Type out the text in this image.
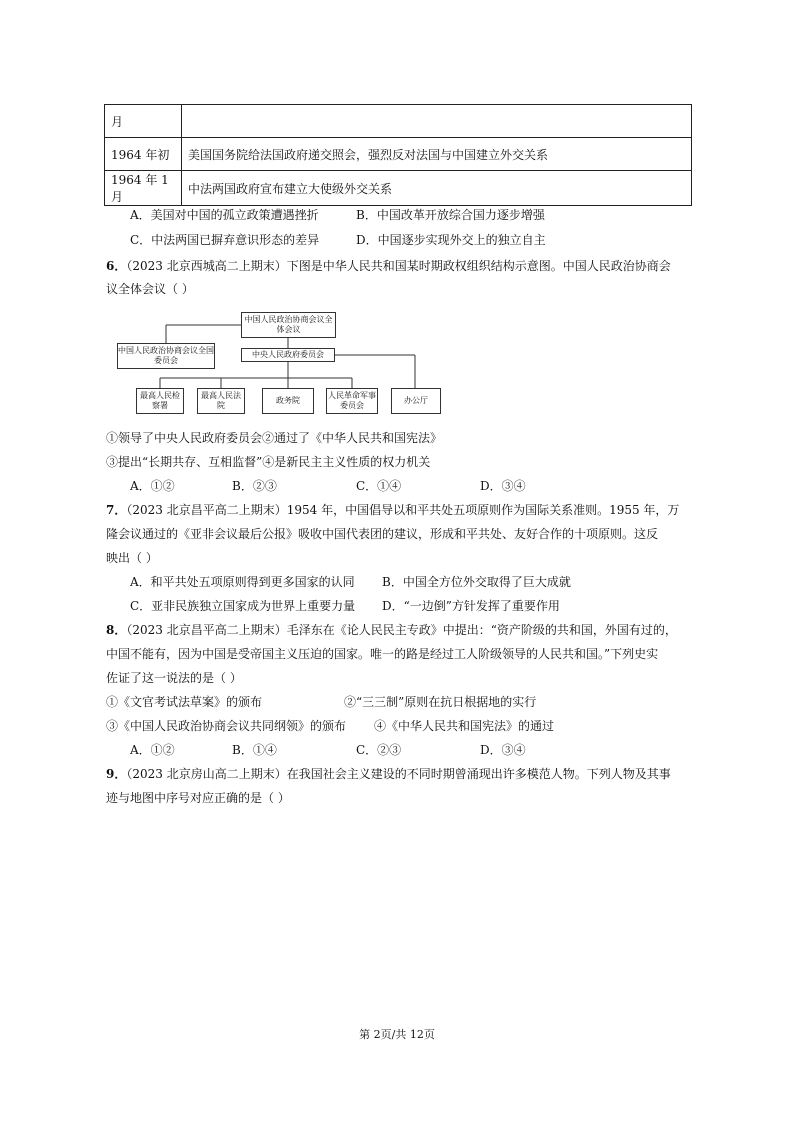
月	
1964 年初	美国国务院给法国政府递交照会，强烈反对法国与中国建立外交关系
1964 年 1 月	中法两国政府宣布建立大使级外交关系
A．美国对中国的孤立政策遭遇挫折	B．中国改革开放综合国力逐步增强
C．中法两国已摒弃意识形态的差异	D．中国逐步实现外交上的独立自主
6．（2023 北京西城高二上期末）下图是中华人民共和国某时期政权组织结构示意图。中国人民政治协商会
议全体会议（ ）
中国人民政治协商会议全体会议
中国人民政治协商会议全国委员会
中央人民政府委员会
最高人民检察署
最高人民法院
政务院
人民革命军事委员会
办公厅
①领导了中央人民政府委员会②通过了《中华人民共和国宪法》
③提出“长期共存、互相监督”④是新民主主义性质的权力机关
A．①②	B．②③	C．①④	D．③④
7．（2023 北京昌平高二上期末）1954 年，中国倡导以和平共处五项原则作为国际关系准则。1955 年，万
隆会议通过的《亚非会议最后公报》吸收中国代表团的建议，形成和平共处、友好合作的十项原则。这反
映出（ ）
A．和平共处五项原则得到更多国家的认同 B．中国全方位外交取得了巨大成就
C．亚非民族独立国家成为世界上重要力量 D．“一边倒”方针发挥了重要作用
8．（2023 北京昌平高二上期末）毛泽东在《论人民民主专政》中提出：“资产阶级的共和国，外国有过的，
中国不能有，因为中国是受帝国主义压迫的国家。唯一的路是经过工人阶级领导的人民共和国。”下列史实
佐证了这一说法的是（ ）
①《文官考试法草案》的颁布	②“三三制”原则在抗日根据地的实行
③《中国人民政治协商会议共同纲领》的颁布 ④《中华人民共和国宪法》的通过
A．①②	B．①④	C．②③	D．③④
9．（2023 北京房山高二上期末）在我国社会主义建设的不同时期曾涌现出许多模范人物。下列人物及其事
迹与地图中序号对应正确的是（ ）
第 2页/共 12页
